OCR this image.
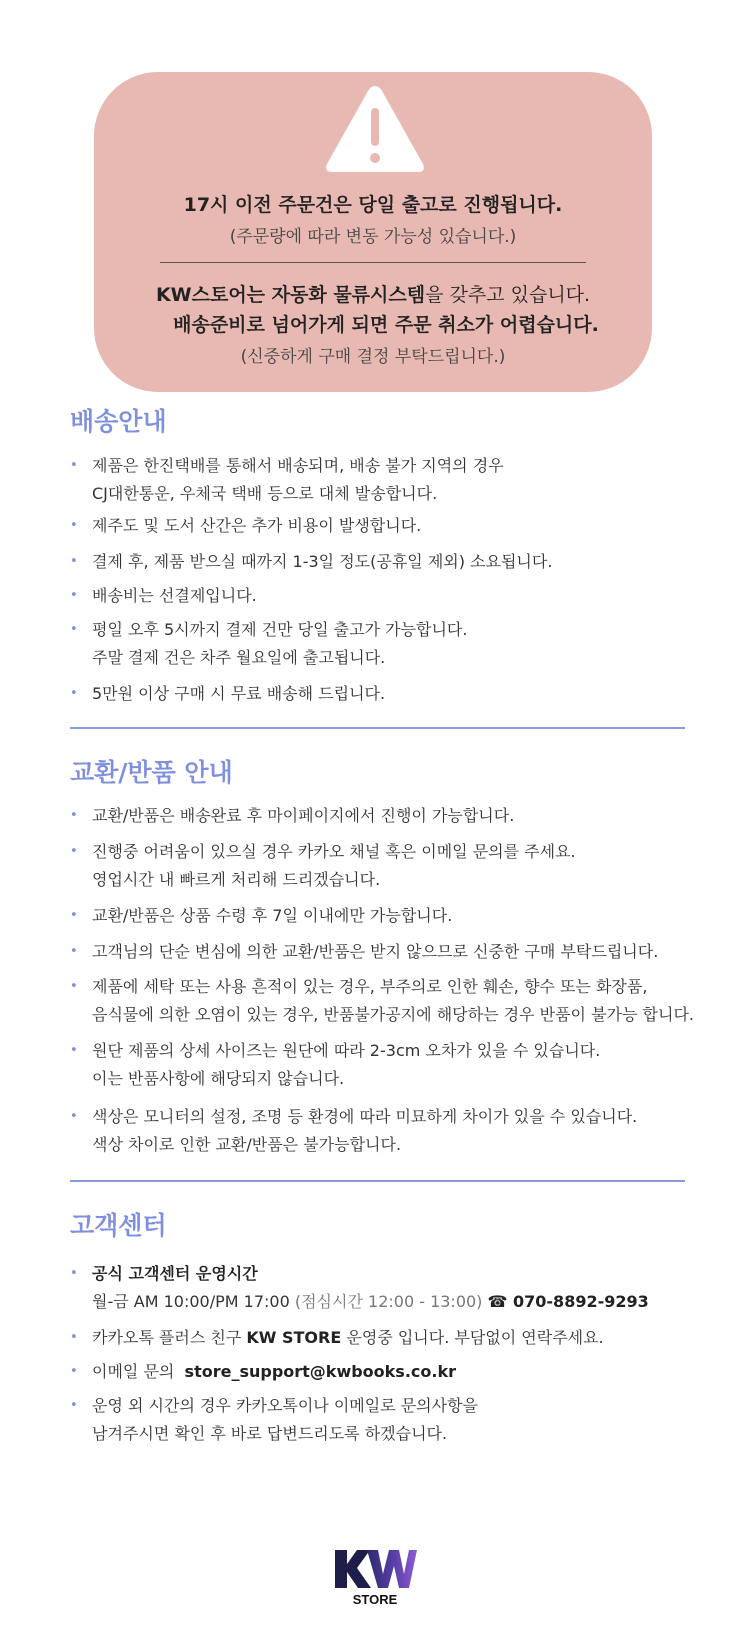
17시 이전 주문건은 당일 출고로 진행됩니다.
(주문량에 따라 변동 가능성 있습니다.)
KW스토어는 자동화 물류시스템을 갖추고 있습니다.
배송준비로 넘어가게 되면 주문 취소가 어렵습니다.
(신중하게 구매 결정 부탁드립니다.)
배송안내
• 제품은 한진택배를 통해서 배송되며, 배송 불가 지역의 경우
CJ대한통운, 우체국 택배 등으로 대체 발송합니다.
• 제주도 및 도서 산간은 추가 비용이 발생합니다.
• 결제 후, 제품 받으실 때까지 1-3일 정도(공휴일 제외) 소요됩니다.
• 배송비는 선결제입니다.
• 평일 오후 5시까지 결제 건만 당일 출고가 가능합니다.
주말 결제 건은 차주 월요일에 출고됩니다.
• 5만원 이상 구매 시 무료 배송해 드립니다.
교환/반품 안내
• 교환/반품은 배송완료 후 마이페이지에서 진행이 가능합니다.
• 진행중 어려움이 있으실 경우 카카오 채널 혹은 이메일 문의를 주세요.
영업시간 내 빠르게 처리해 드리겠습니다.
• 교환/반품은 상품 수령 후 7일 이내에만 가능합니다.
• 고객님의 단순 변심에 의한 교환/반품은 받지 않으므로 신중한 구매 부탁드립니다.
• 제품에 세탁 또는 사용 흔적이 있는 경우, 부주의로 인한 훼손, 향수 또는 화장품,
음식물에 의한 오염이 있는 경우, 반품불가공지에 해당하는 경우 반품이 불가능 합니다.
• 원단 제품의 상세 사이즈는 원단에 따라 2-3cm 오차가 있을 수 있습니다.
이는 반품사항에 해당되지 않습니다.
• 색상은 모니터의 설정, 조명 등 환경에 따라 미묘하게 차이가 있을 수 있습니다.
색상 차이로 인한 교환/반품은 불가능합니다.
고객센터
• 공식 고객센터 운영시간
월-금 AM 10:00/PM 17:00 (점심시간 12:00 - 13:00) ☎ 070-8892-9293
• 카카오톡 플러스 친구 KW STORE 운영중 입니다. 부담없이 연락주세요.
• 이메일 문의 store_support@kwbooks.co.kr
• 운영 외 시간의 경우 카카오톡이나 이메일로 문의사항을
남겨주시면 확인 후 바로 답변드리도록 하겠습니다.
STORE
